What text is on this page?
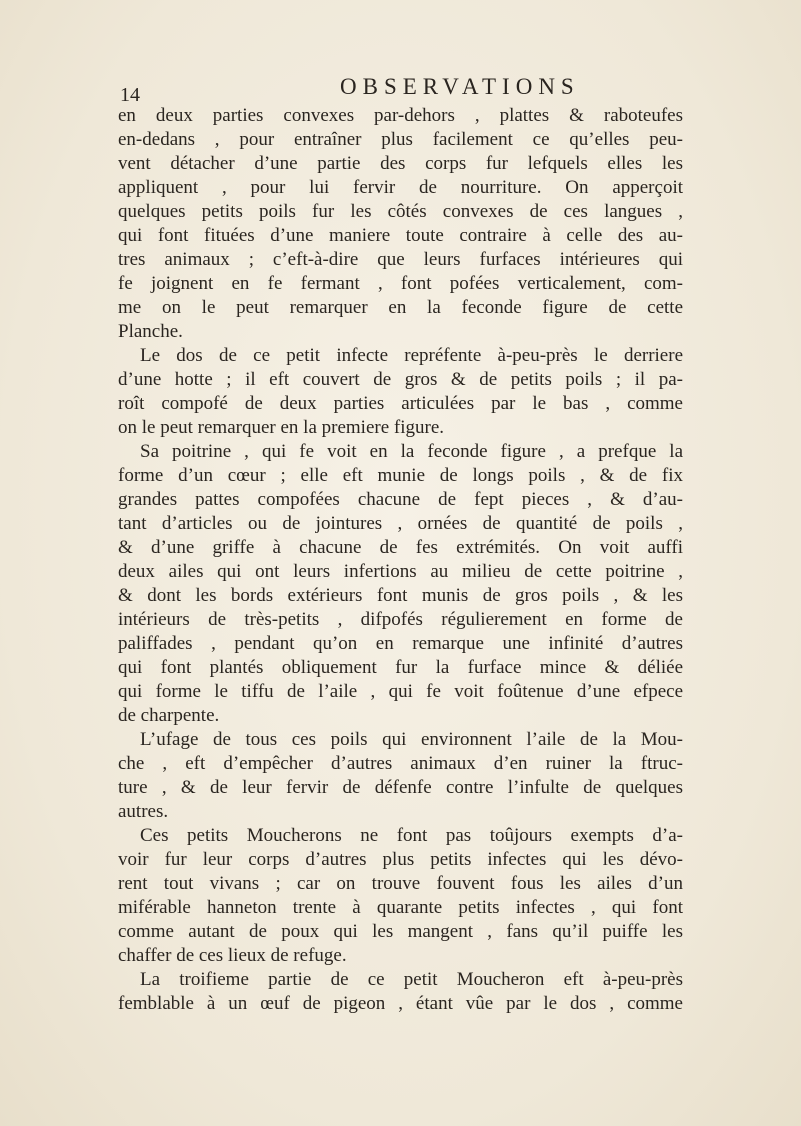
14	OBSERVATIONS
en deux parties convexes par-dehors , plattes & raboteufes
en-dedans , pour entraîner plus facilement ce qu’elles peu-
vent détacher d’une partie des corps fur lefquels elles les
appliquent , pour lui fervir de nourriture. On apperçoit
quelques petits poils fur les côtés convexes de ces langues ,
qui font fituées d’une maniere toute contraire à celle des au-
tres animaux ; c’eft-à-dire que leurs furfaces intérieures qui
fe joignent en fe fermant , font pofées verticalement, com-
me on le peut remarquer en la feconde figure de cette
Planche.
Le dos de ce petit infecte repréfente à-peu-près le derriere
d’une hotte ; il eft couvert de gros & de petits poils ; il pa-
roît compofé de deux parties articulées par le bas , comme
on le peut remarquer en la premiere figure.
Sa poitrine , qui fe voit en la feconde figure , a prefque la
forme d’un cœur ; elle eft munie de longs poils , & de fix
grandes pattes compofées chacune de fept pieces , & d’au-
tant d’articles ou de jointures , ornées de quantité de poils ,
& d’une griffe à chacune de fes extrémités. On voit auffi
deux ailes qui ont leurs infertions au milieu de cette poitrine ,
& dont les bords extérieurs font munis de gros poils , & les
intérieurs de très-petits , difpofés régulierement en forme de
paliffades , pendant qu’on en remarque une infinité d’autres
qui font plantés obliquement fur la furface mince & déliée
qui forme le tiffu de l’aile , qui fe voit foûtenue d’une efpece
de charpente.
L’ufage de tous ces poils qui environnent l’aile de la Mou-
che , eft d’empêcher d’autres animaux d’en ruiner la ftruc-
ture , & de leur fervir de défenfe contre l’infulte de quelques
autres.
Ces petits Moucherons ne font pas toûjours exempts d’a-
voir fur leur corps d’autres plus petits infectes qui les dévo-
rent tout vivans ; car on trouve fouvent fous les ailes d’un
miférable hanneton trente à quarante petits infectes , qui font
comme autant de poux qui les mangent , fans qu’il puiffe les
chaffer de ces lieux de refuge.
La troifieme partie de ce petit Moucheron eft à-peu-près
femblable à un œuf de pigeon , étant vûe par le dos , comme
